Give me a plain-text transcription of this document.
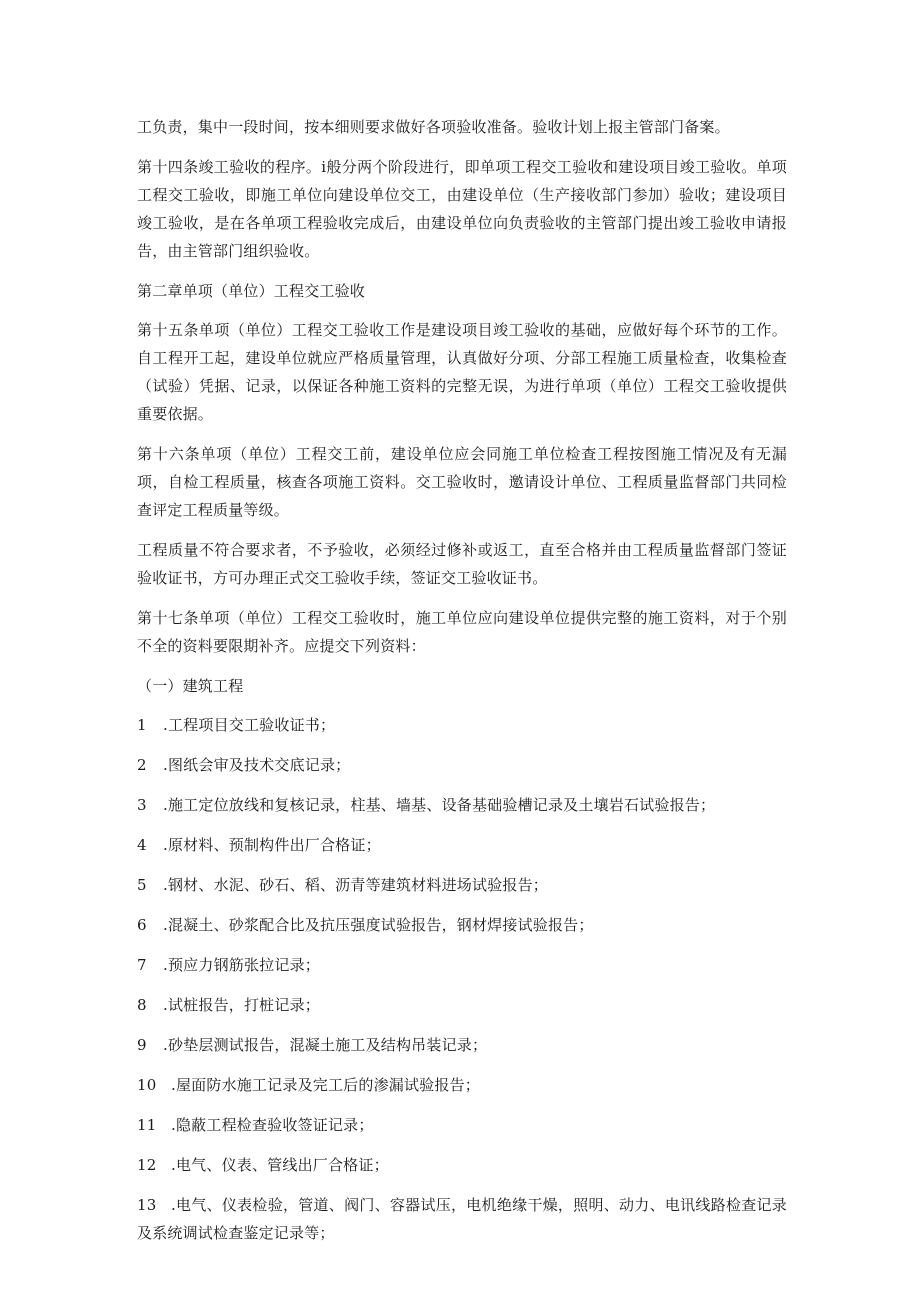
工负责，集中一段时间，按本细则要求做好各项验收准备。验收计划上报主管部门备案。

第十四条竣工验收的程序。i般分两个阶段进行，即单项工程交工验收和建设项目竣工验收。单项工程交工验收，即施工单位向建设单位交工，由建设单位（生产接收部门参加）验收；建设项目竣工验收，是在各单项工程验收完成后，由建设单位向负责验收的主管部门提出竣工验收申请报告，由主管部门组织验收。

第二章单项（单位）工程交工验收

第十五条单项（单位）工程交工验收工作是建设项目竣工验收的基础，应做好每个环节的工作。自工程开工起，建设单位就应严格质量管理，认真做好分项、分部工程施工质量检查，收集检查（试验）凭据、记录，以保证各种施工资料的完整无误，为进行单项（单位）工程交工验收提供重要依据。

第十六条单项（单位）工程交工前，建设单位应会同施工单位检查工程按图施工情况及有无漏项，自检工程质量，核查各项施工资料。交工验收时，邀请设计单位、工程质量监督部门共同检查评定工程质量等级。

工程质量不符合要求者，不予验收，必须经过修补或返工，直至合格并由工程质量监督部门签证验收证书，方可办理正式交工验收手续，签证交工验收证书。

第十七条单项（单位）工程交工验收时，施工单位应向建设单位提供完整的施工资料，对于个别不全的资料要限期补齐。应提交下列资料：

（一）建筑工程

1 .工程项目交工验收证书；

2 .图纸会审及技术交底记录；

3 .施工定位放线和复核记录，柱基、墙基、设备基础验槽记录及土壤岩石试验报告；

4 .原材料、预制构件出厂合格证；

5 .钢材、水泥、砂石、稻、沥青等建筑材料进场试验报告；

6 .混凝土、砂浆配合比及抗压强度试验报告，钢材焊接试验报告；

7 .预应力钢筋张拉记录；

8 .试桩报告，打桩记录；

9 .砂垫层测试报告，混凝土施工及结构吊装记录；

10 .屋面防水施工记录及完工后的渗漏试验报告；

11 .隐蔽工程检查验收签证记录；

12 .电气、仪表、管线出厂合格证；

13 .电气、仪表检验，管道、阀门、容器试压，电机绝缘干燥，照明、动力、电讯线路检查记录及系统调试检查鉴定记录等；
